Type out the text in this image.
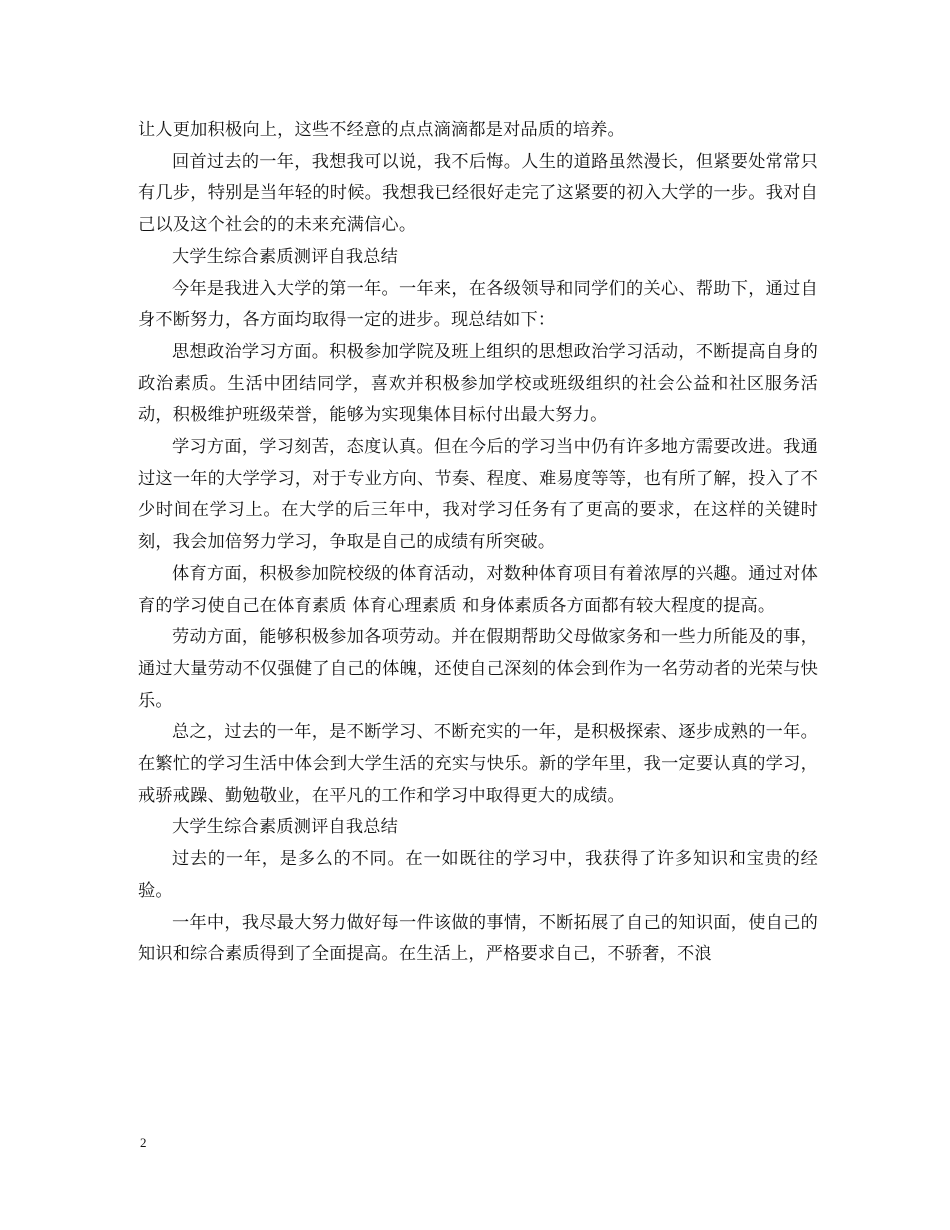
让人更加积极向上，这些不经意的点点滴滴都是对品质的培养。

回首过去的一年，我想我可以说，我不后悔。人生的道路虽然漫长，但紧要处常常只有几步，特别是当年轻的时候。我想我已经很好走完了这紧要的初入大学的一步。我对自己以及这个社会的的未来充满信心。

大学生综合素质测评自我总结

今年是我进入大学的第一年。一年来，在各级领导和同学们的关心、帮助下，通过自身不断努力，各方面均取得一定的进步。现总结如下：

思想政治学习方面。积极参加学院及班上组织的思想政治学习活动，不断提高自身的政治素质。生活中团结同学，喜欢并积极参加学校或班级组织的社会公益和社区服务活动，积极维护班级荣誉，能够为实现集体目标付出最大努力。

学习方面，学习刻苦，态度认真。但在今后的学习当中仍有许多地方需要改进。我通过这一年的大学学习，对于专业方向、节奏、程度、难易度等等，也有所了解，投入了不少时间在学习上。在大学的后三年中，我对学习任务有了更高的要求，在这样的关键时刻，我会加倍努力学习，争取是自己的成绩有所突破。

体育方面，积极参加院校级的体育活动，对数种体育项目有着浓厚的兴趣。通过对体育的学习使自己在体育素质 体育心理素质 和身体素质各方面都有较大程度的提高。

劳动方面，能够积极参加各项劳动。并在假期帮助父母做家务和一些力所能及的事，通过大量劳动不仅强健了自己的体魄，还使自己深刻的体会到作为一名劳动者的光荣与快乐。

总之，过去的一年，是不断学习、不断充实的一年，是积极探索、逐步成熟的一年。在繁忙的学习生活中体会到大学生活的充实与快乐。新的学年里，我一定要认真的学习，戒骄戒躁、勤勉敬业，在平凡的工作和学习中取得更大的成绩。

大学生综合素质测评自我总结

过去的一年，是多么的不同。在一如既往的学习中，我获得了许多知识和宝贵的经验。

一年中，我尽最大努力做好每一件该做的事情，不断拓展了自己的知识面，使自己的知识和综合素质得到了全面提高。在生活上，严格要求自己，不骄奢，不浪

2
